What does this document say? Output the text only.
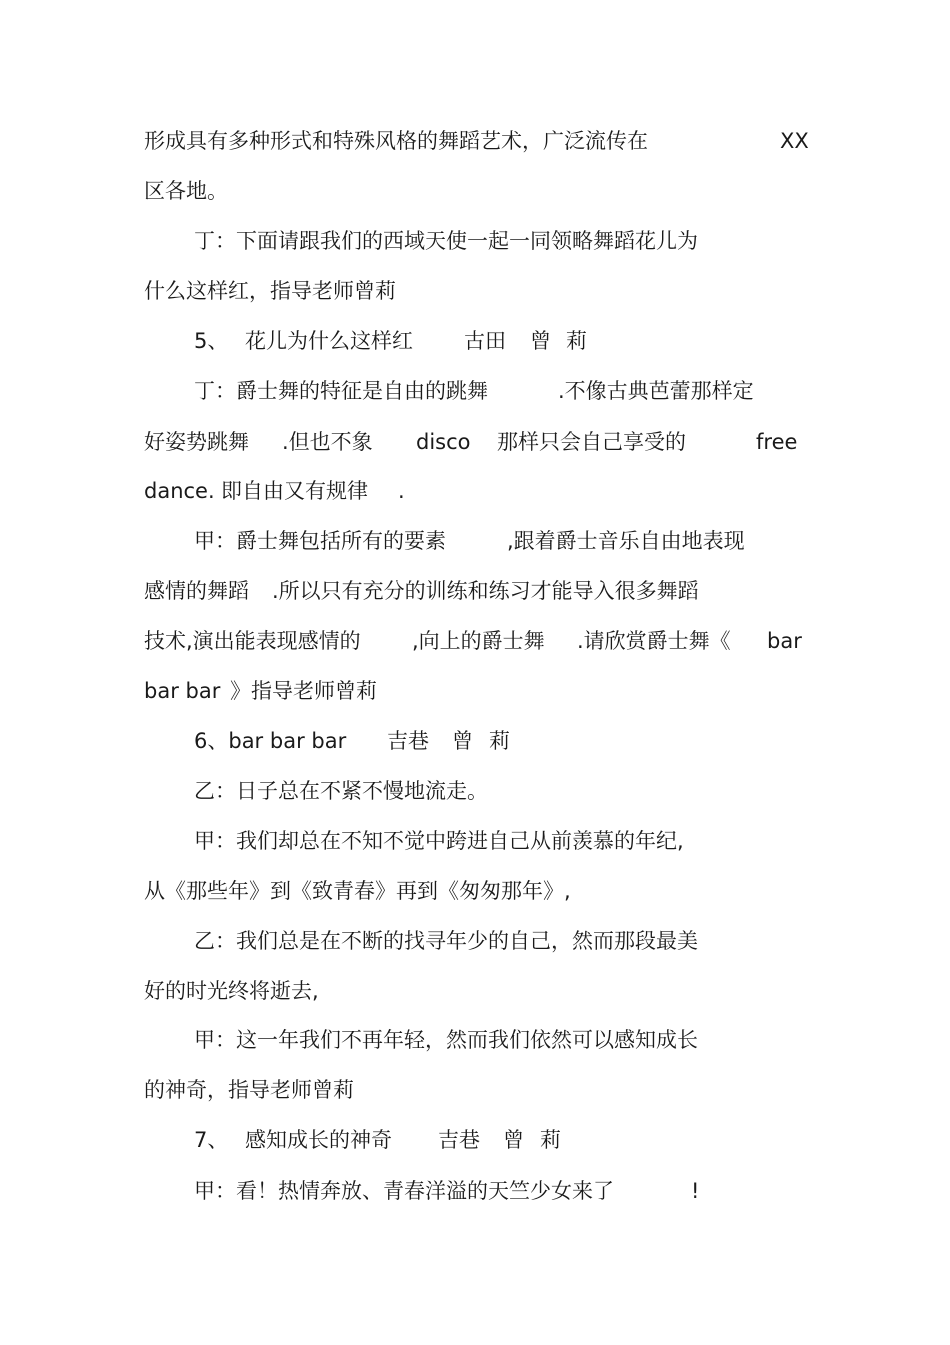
形成具有多种形式和特殊风格的舞蹈艺术，广泛流传在	XX
区各地。
丁：下面请跟我们的西域天使一起一同领略舞蹈花儿为
什么这样红，指导老师曾莉
5、 花儿为什么这样红 古田 曾 莉
丁：爵士舞的特征是自由的跳舞	.不像古典芭蕾那样定
好姿势跳舞 .但也不象 disco 那样只会自己享受的	free
dance. 即自由又有规律 .
甲：爵士舞包括所有的要素	,跟着爵士音乐自由地表现
感情的舞蹈 .所以只有充分的训练和练习才能导入很多舞蹈
技术,演出能表现感情的 ,向上的爵士舞 .请欣赏爵士舞《 bar
bar bar 》指导老师曾莉
6、bar bar bar 吉巷 曾 莉
乙：日子总在不紧不慢地流走。
甲：我们却总在不知不觉中跨进自己从前羡慕的年纪,
从《那些年》到《致青春》再到《匆匆那年》,
乙：我们总是在不断的找寻年少的自己，然而那段最美
好的时光终将逝去,
甲：这一年我们不再年轻，然而我们依然可以感知成长
的神奇，指导老师曾莉
7、 感知成长的神奇 吉巷 曾 莉
甲：看！热情奔放、青春洋溢的天竺少女来了	!
